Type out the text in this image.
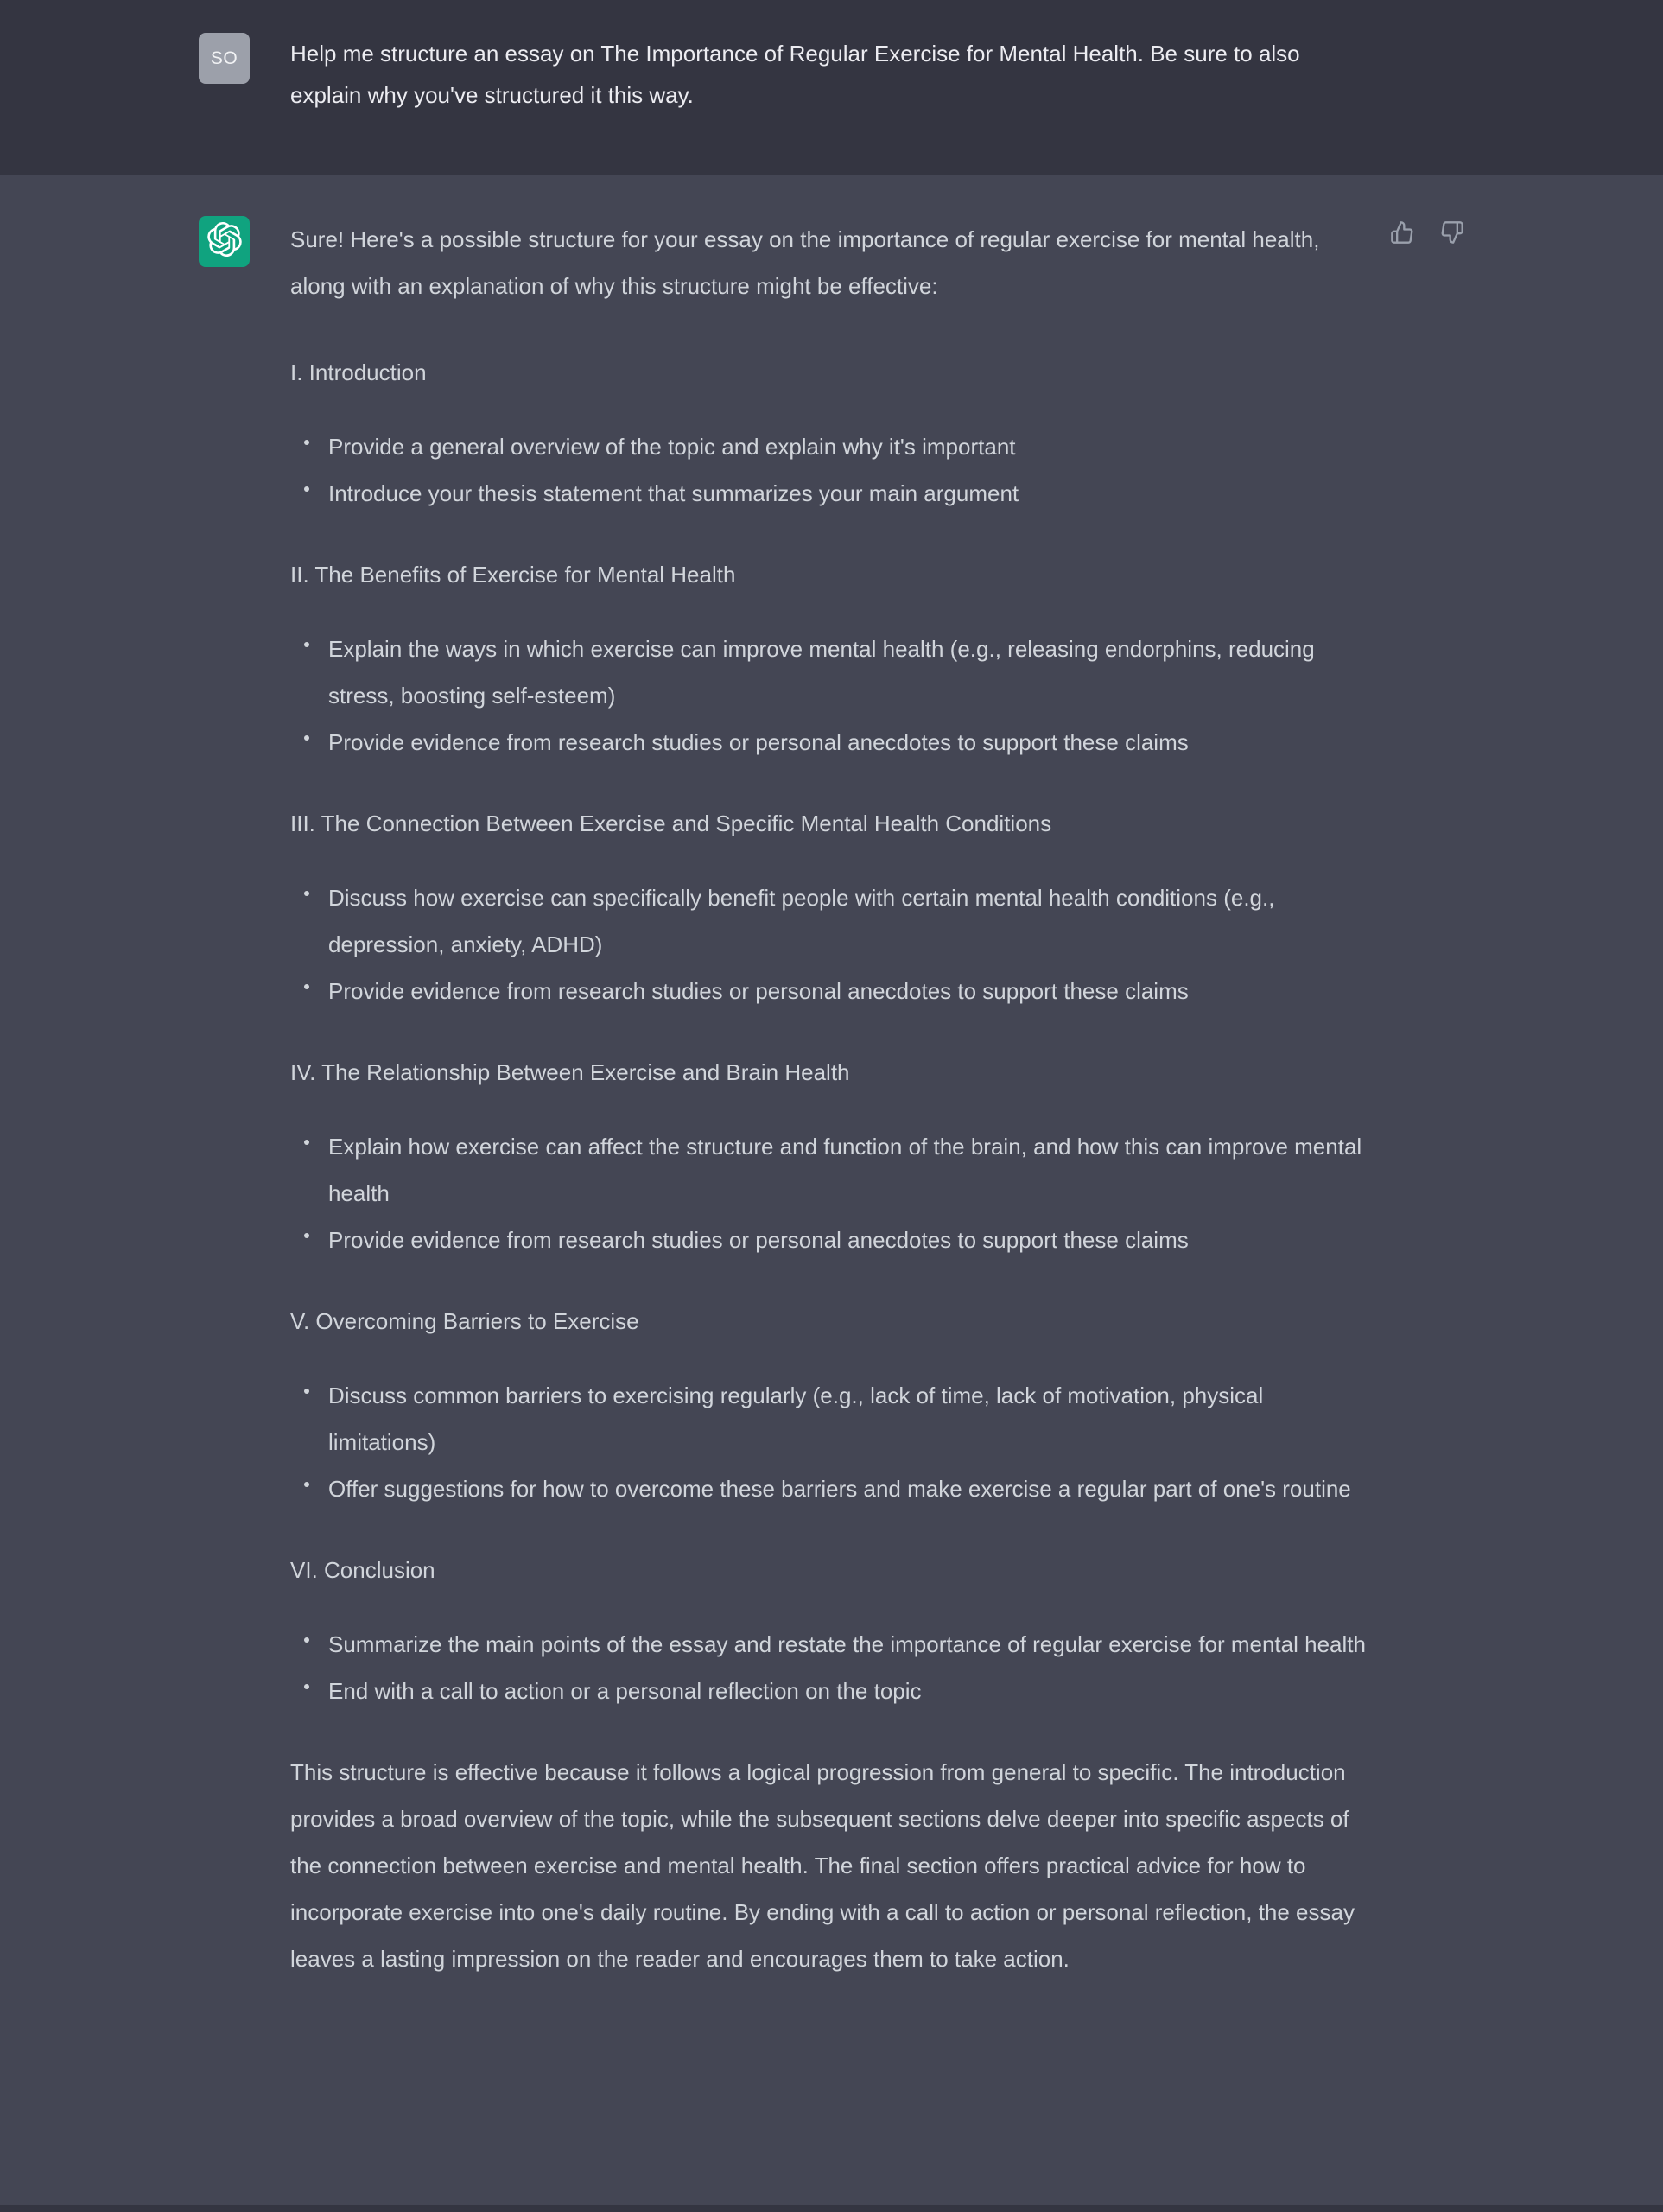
SO Help me structure an essay on The Importance of Regular Exercise for Mental Health. Be sure to also explain why you've structured it this way.

Sure! Here's a possible structure for your essay on the importance of regular exercise for mental health, along with an explanation of why this structure might be effective:

I. Introduction

Provide a general overview of the topic and explain why it's important
Introduce your thesis statement that summarizes your main argument

II. The Benefits of Exercise for Mental Health

Explain the ways in which exercise can improve mental health (e.g., releasing endorphins, reducing stress, boosting self-esteem)
Provide evidence from research studies or personal anecdotes to support these claims

III. The Connection Between Exercise and Specific Mental Health Conditions

Discuss how exercise can specifically benefit people with certain mental health conditions (e.g., depression, anxiety, ADHD)
Provide evidence from research studies or personal anecdotes to support these claims

IV. The Relationship Between Exercise and Brain Health

Explain how exercise can affect the structure and function of the brain, and how this can improve mental health
Provide evidence from research studies or personal anecdotes to support these claims

V. Overcoming Barriers to Exercise

Discuss common barriers to exercising regularly (e.g., lack of time, lack of motivation, physical limitations)
Offer suggestions for how to overcome these barriers and make exercise a regular part of one's routine

VI. Conclusion

Summarize the main points of the essay and restate the importance of regular exercise for mental health
End with a call to action or a personal reflection on the topic

This structure is effective because it follows a logical progression from general to specific. The introduction provides a broad overview of the topic, while the subsequent sections delve deeper into specific aspects of the connection between exercise and mental health. The final section offers practical advice for how to incorporate exercise into one's daily routine. By ending with a call to action or personal reflection, the essay leaves a lasting impression on the reader and encourages them to take action.
